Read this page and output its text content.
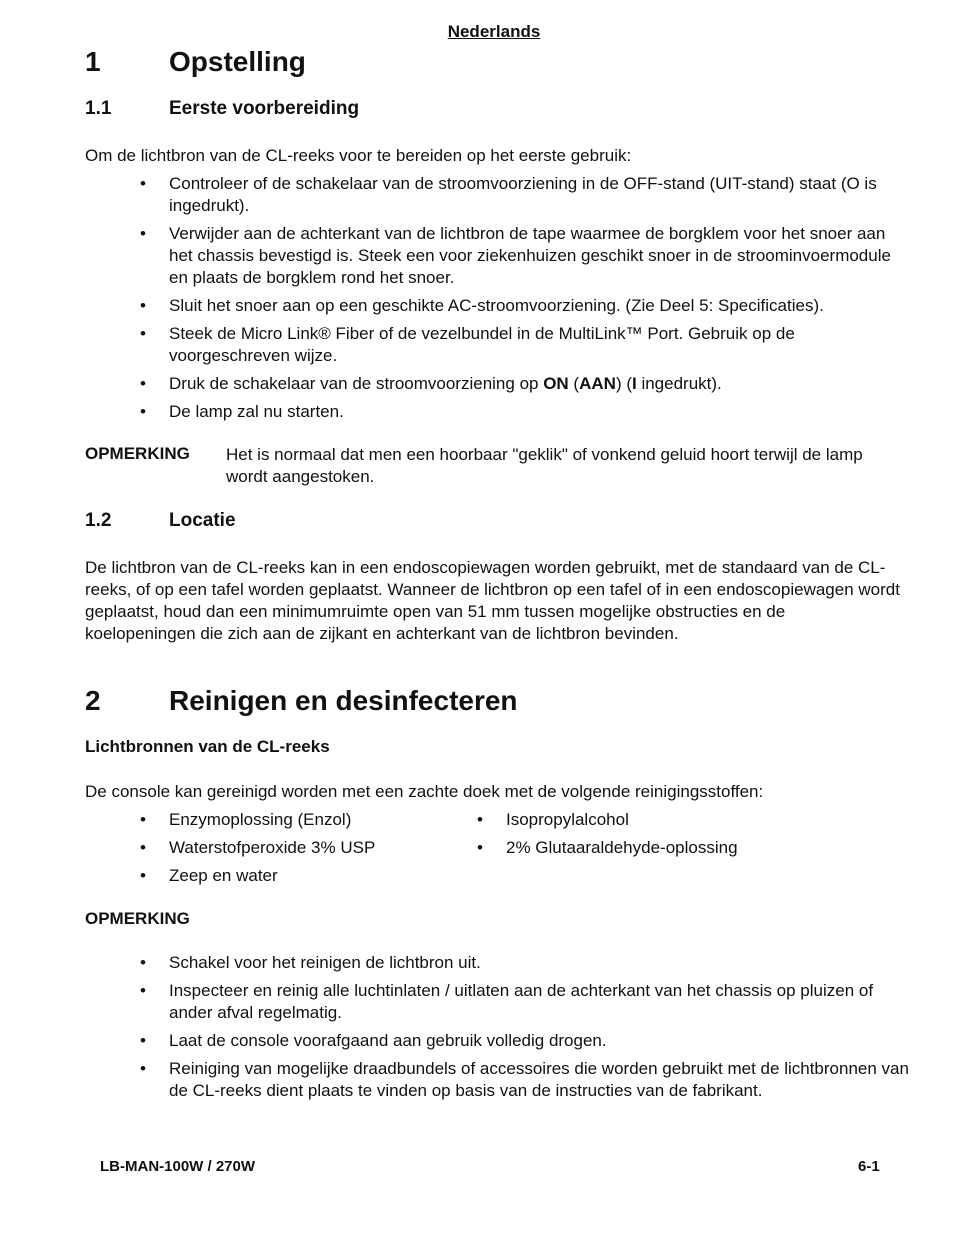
Nederlands
1 Opstelling
1.1	Eerste voorbereiding
Om de lichtbron van de CL-reeks voor te bereiden op het eerste gebruik:
• Controleer of de schakelaar van de stroomvoorziening in de OFF-stand (UIT-stand) staat (O is ingedrukt).
• Verwijder aan de achterkant van de lichtbron de tape waarmee de borgklem voor het snoer aan het chassis bevestigd is. Steek een voor ziekenhuizen geschikt snoer in de stroominvoermodule en plaats de borgklem rond het snoer.
• Sluit het snoer aan op een geschikte AC-stroomvoorziening. (Zie Deel 5: Specificaties).
• Steek de Micro Link® Fiber of de vezelbundel in de MultiLink™ Port. Gebruik op de voorgeschreven wijze.
• Druk de schakelaar van de stroomvoorziening op ON (AAN) (I ingedrukt).
• De lamp zal nu starten.
OPMERKING Het is normaal dat men een hoorbaar "geklik" of vonkend geluid hoort terwijl de lamp wordt aangestoken.
1.2	Locatie
De lichtbron van de CL-reeks kan in een endoscopiewagen worden gebruikt, met de standaard van de CL-reeks, of op een tafel worden geplaatst. Wanneer de lichtbron op een tafel of in een endoscopiewagen wordt geplaatst, houd dan een minimumruimte open van 51 mm tussen mogelijke obstructies en de koelopeningen die zich aan de zijkant en achterkant van de lichtbron bevinden.
2 Reinigen en desinfecteren
Lichtbronnen van de CL-reeks
De console kan gereinigd worden met een zachte doek met de volgende reinigingsstoffen:
• Enzymoplossing (Enzol)
• Waterstofperoxide 3% USP
• Zeep en water
• Isopropylalcohol
• 2% Glutaaraldehyde-oplossing
OPMERKING
• Schakel voor het reinigen de lichtbron uit.
• Inspecteer en reinig alle luchtinlaten / uitlaten aan de achterkant van het chassis op pluizen of ander afval regelmatig.
• Laat de console voorafgaand aan gebruik volledig drogen.
• Reiniging van mogelijke draadbundels of accessoires die worden gebruikt met de lichtbronnen van de CL-reeks dient plaats te vinden op basis van de instructies van de fabrikant.
LB-MAN-100W / 270W	6-1
